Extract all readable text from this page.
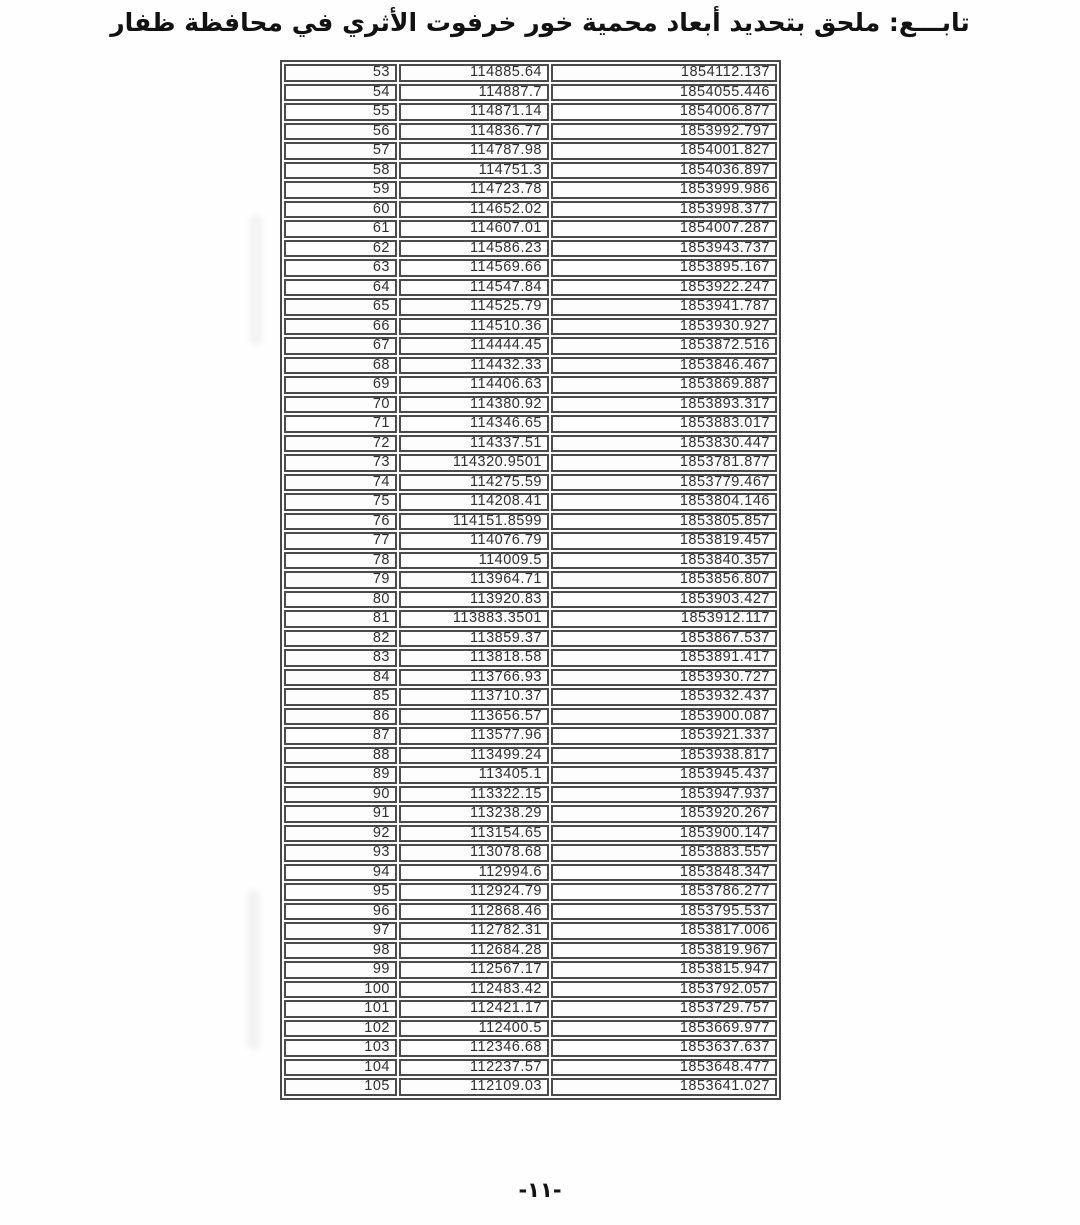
تابـــع: ملحق بتحديد أبعاد محمية خور خرفوت الأثري في محافظة ظفار
53	114885.64	1854112.137
54	114887.7	1854055.446
55	114871.14	1854006.877
56	114836.77	1853992.797
57	114787.98	1854001.827
58	114751.3	1854036.897
59	114723.78	1853999.986
60	114652.02	1853998.377
61	114607.01	1854007.287
62	114586.23	1853943.737
63	114569.66	1853895.167
64	114547.84	1853922.247
65	114525.79	1853941.787
66	114510.36	1853930.927
67	114444.45	1853872.516
68	114432.33	1853846.467
69	114406.63	1853869.887
70	114380.92	1853893.317
71	114346.65	1853883.017
72	114337.51	1853830.447
73	114320.9501	1853781.877
74	114275.59	1853779.467
75	114208.41	1853804.146
76	114151.8599	1853805.857
77	114076.79	1853819.457
78	114009.5	1853840.357
79	113964.71	1853856.807
80	113920.83	1853903.427
81	113883.3501	1853912.117
82	113859.37	1853867.537
83	113818.58	1853891.417
84	113766.93	1853930.727
85	113710.37	1853932.437
86	113656.57	1853900.087
87	113577.96	1853921.337
88	113499.24	1853938.817
89	113405.1	1853945.437
90	113322.15	1853947.937
91	113238.29	1853920.267
92	113154.65	1853900.147
93	113078.68	1853883.557
94	112994.6	1853848.347
95	112924.79	1853786.277
96	112868.46	1853795.537
97	112782.31	1853817.006
98	112684.28	1853819.967
99	112567.17	1853815.947
100	112483.42	1853792.057
101	112421.17	1853729.757
102	112400.5	1853669.977
103	112346.68	1853637.637
104	112237.57	1853648.477
105	112109.03	1853641.027
-١١-
